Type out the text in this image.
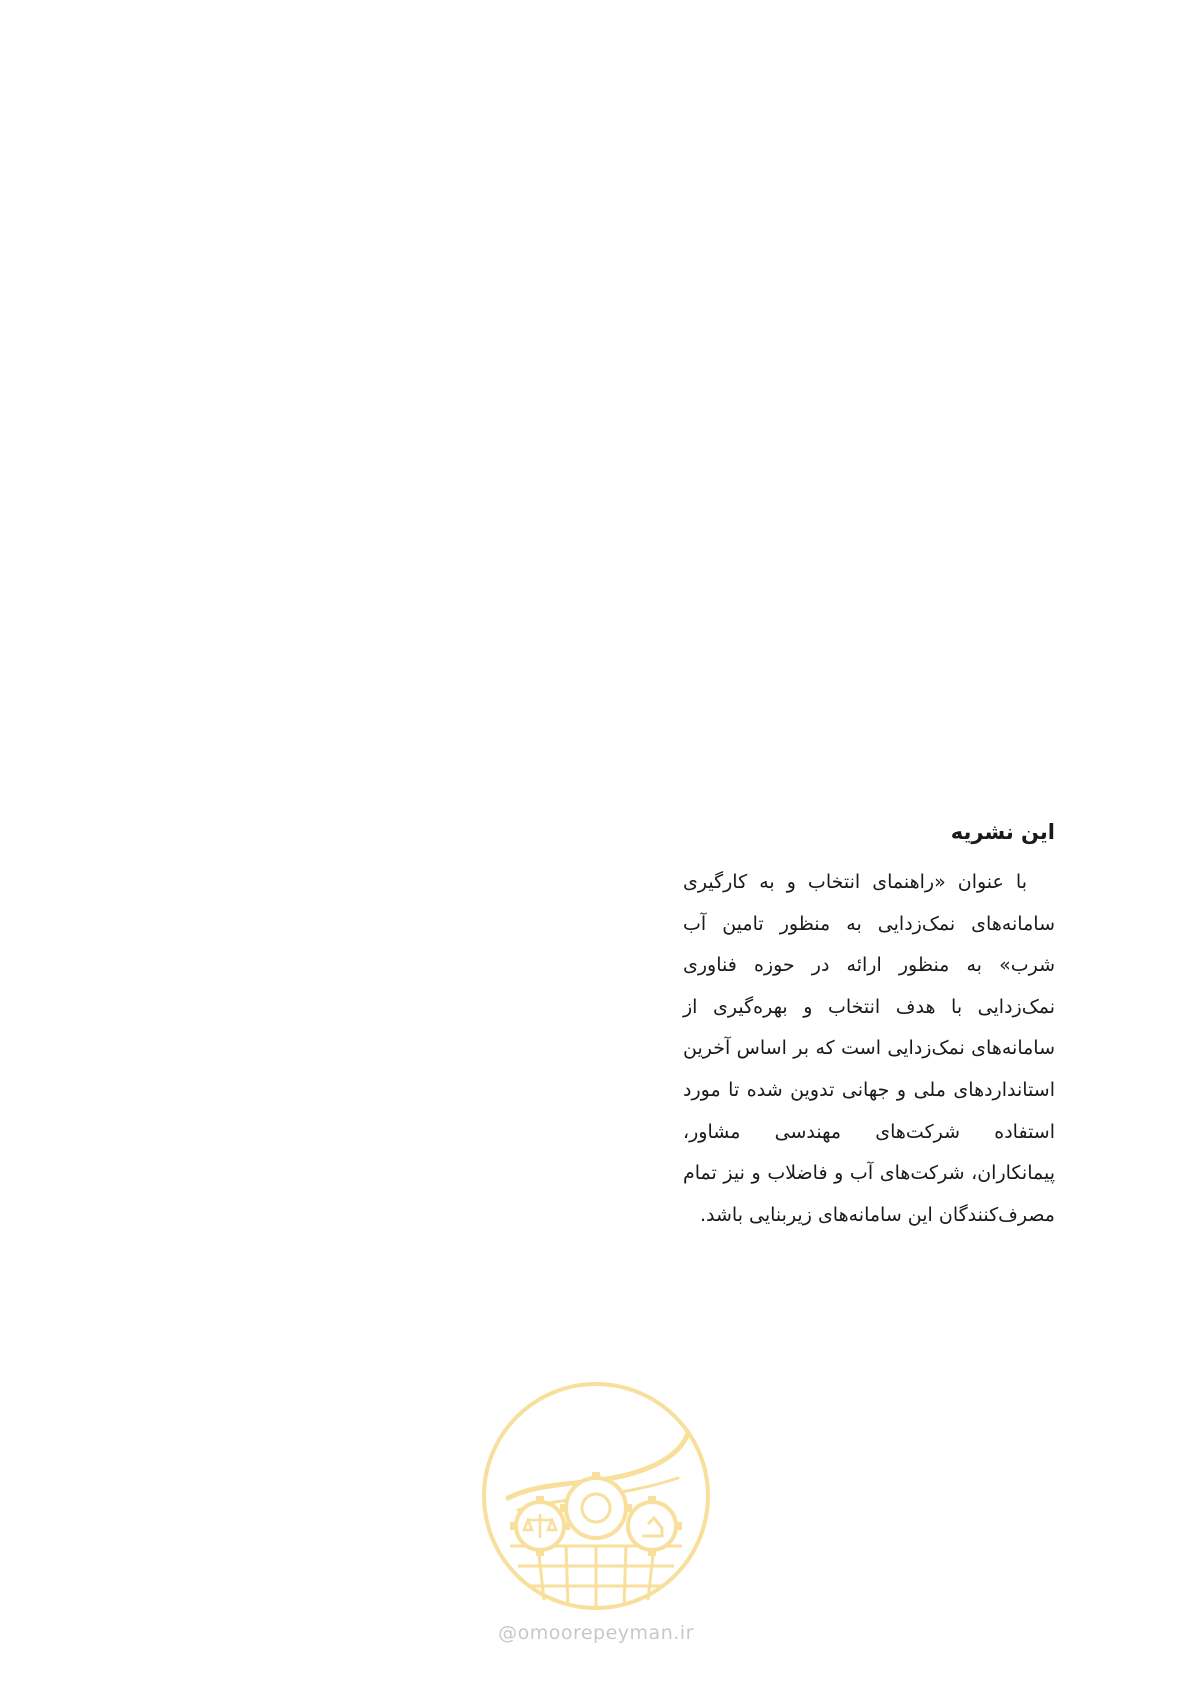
این نشریه

با عنوان «راهنمای انتخاب و به کارگیری سامانه‌های نمک‌زدایی به منظور تامین آب شرب» به منظور ارائه در حوزه فناوری نمک‌زدایی با هدف انتخاب و بهره‌گیری از سامانه‌های نمک‌زدایی است که بر اساس آخرین استانداردهای ملی و جهانی تدوین شده تا مورد استفاده شرکت‌های مهندسی مشاور، پیمانکاران، شرکت‌های آب و فاضلاب و نیز تمام مصرف‌کنندگان این سامانه‌های زیربنایی باشد.

@omoorepeyman.ir
